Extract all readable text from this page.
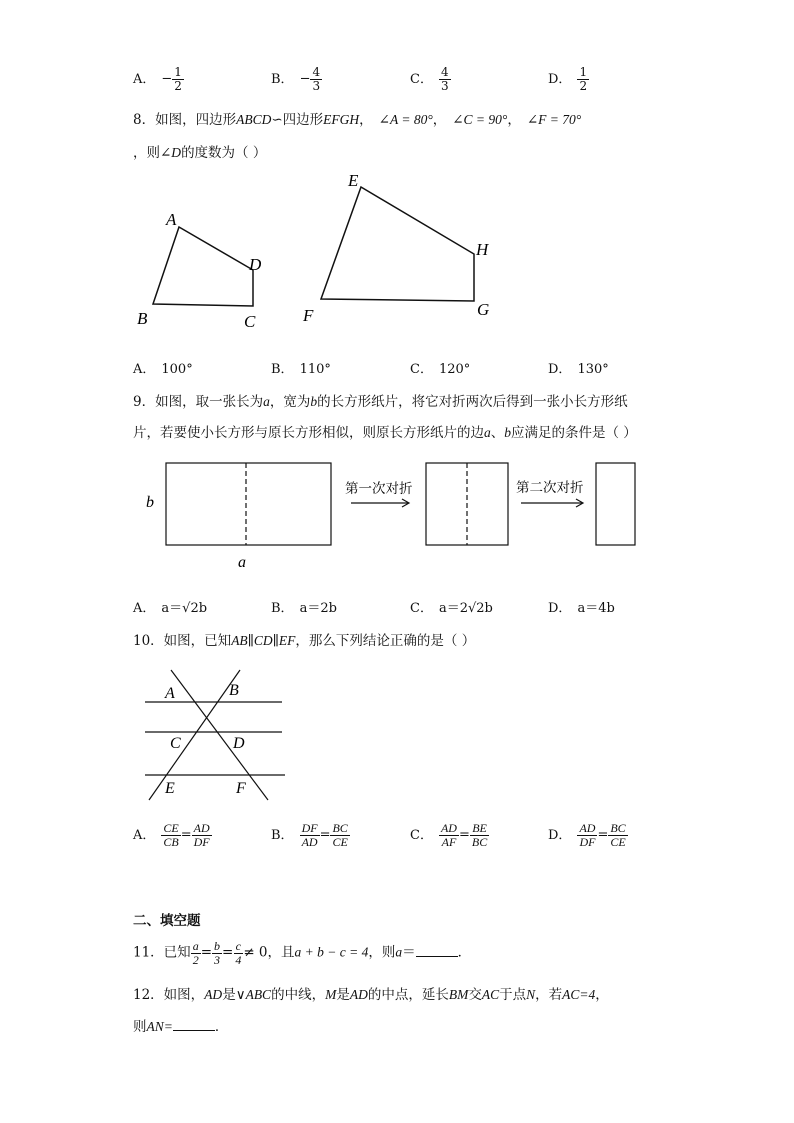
A． − $\frac{1}{2}$	B． − $\frac{4}{3}$	C． $\frac{4}{3}$	D． $\frac{1}{2}$
8．如图，四边形ABCD∽四边形EFGH， ∠A = 80°， ∠C = 90°， ∠F = 70°
，则∠D的度数为（ ）
A
D
B	C
E
H
F	G
b
a
第一次对折	第二次对折
A	B
C	D
E	F
A． 100°	B． 110°	C． 120°	D． 130°
9．如图，取一张长为a，宽为b的长方形纸片，将它对折两次后得到一张小长方形纸
片，若要使小长方形与原长方形相似，则原长方形纸片的边a、b应满足的条件是（ ）
A． a＝√2b	B． a＝2b	C． a＝2√2b	D． a＝4b
10．如图，已知AB∥CD∥EF，那么下列结论正确的是（ ）
A． $\frac{CE}{CB} = \frac{AD}{DF}$	B． $\frac{DF}{AD} = \frac{BC}{CE}$	C． $\frac{AD}{AF} = \frac{BE}{BC}$	D． $\frac{AD}{DF} = \frac{BC}{CE}$
二、填空题
11．已知 $\frac{a}{2} = \frac{b}{3} = \frac{c}{4} \ne 0$，且a + b − c = 4，则a＝	．
12．如图，AD是∨ABC的中线，M是AD的中点，延长BM交AC于点N，若AC=4，
则AN=	．
